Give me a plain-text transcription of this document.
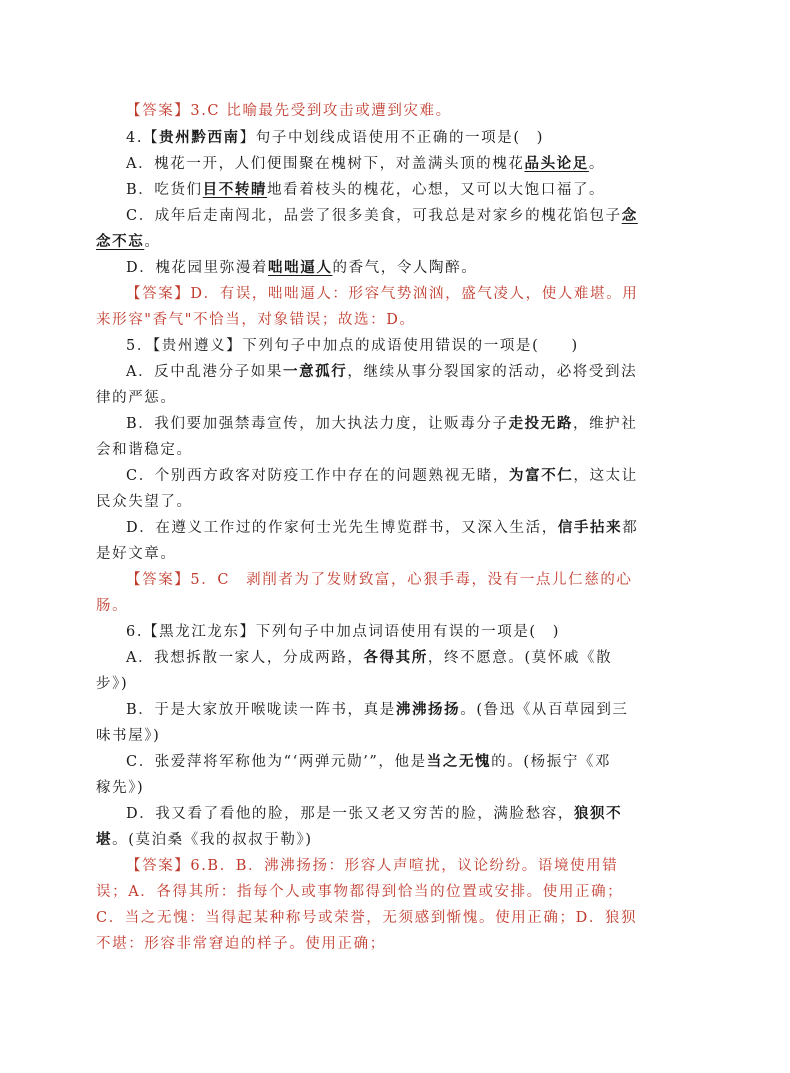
【答案】3.C 比喻最先受到攻击或遭到灾难。
4.【贵州黔西南】句子中划线成语使用不正确的一项是(　)
A．槐花一开，人们便围聚在槐树下，对盖满头顶的槐花品头论足。
B．吃货们目不转睛地看着枝头的槐花，心想，又可以大饱口福了。
C．成年后走南闯北，品尝了很多美食，可我总是对家乡的槐花馅包子念
念不忘。
D．槐花园里弥漫着咄咄逼人的香气，令人陶醉。
【答案】D．有误，咄咄逼人：形容气势汹汹，盛气凌人，使人难堪。用
来形容"香气"不恰当，对象错误；故选：D。
5．【贵州遵义】下列句子中加点的成语使用错误的一项是(　　)
A．反中乱港分子如果一意孤行，继续从事分裂国家的活动，必将受到法
律的严惩。
B．我们要加强禁毒宣传，加大执法力度，让贩毒分子走投无路，维护社
会和谐稳定。
C．个别西方政客对防疫工作中存在的问题熟视无睹，为富不仁，这太让
民众失望了。
D．在遵义工作过的作家何士光先生博览群书，又深入生活，信手拈来都
是好文章。
【答案】5．C　剥削者为了发财致富，心狠手毒，没有一点儿仁慈的心
肠。
6.【黑龙江龙东】下列句子中加点词语使用有误的一项是(　)
A．我想拆散一家人，分成两路，各得其所，终不愿意。(莫怀戚《散
步》)
B．于是大家放开喉咙读一阵书，真是沸沸扬扬。(鲁迅《从百草园到三
味书屋》)
C．张爱萍将军称他为“‘两弹元勋’”，他是当之无愧的。(杨振宁《邓
稼先》)
D．我又看了看他的脸，那是一张又老又穷苦的脸，满脸愁容，狼狈不
堪。(莫泊桑《我的叔叔于勒》)
【答案】6.B．B．沸沸扬扬：形容人声喧扰，议论纷纷。语境使用错
误；A．各得其所：指每个人或事物都得到恰当的位置或安排。使用正确；
C．当之无愧：当得起某种称号或荣誉，无须感到惭愧。使用正确；D．狼狈
不堪：形容非常窘迫的样子。使用正确；
